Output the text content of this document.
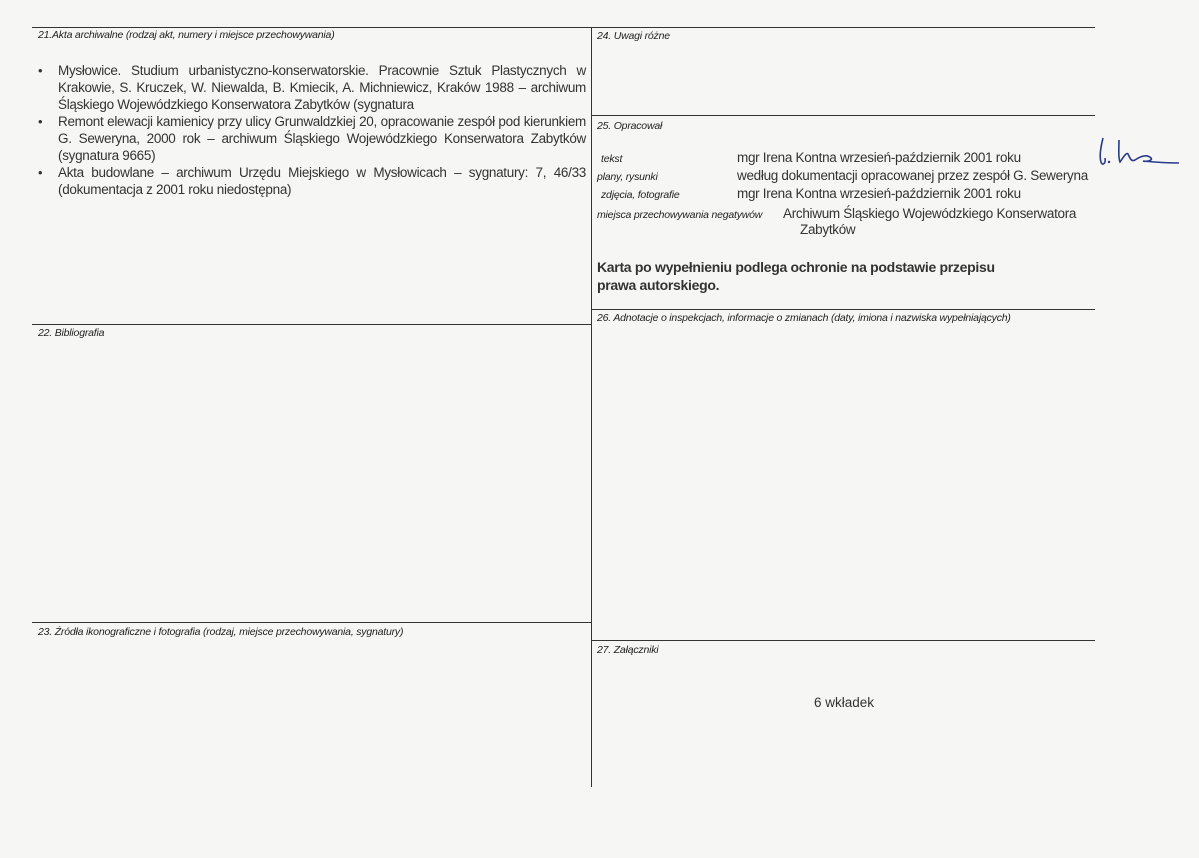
21.Akta archiwalne (rodzaj akt, numery i miejsce przechowywania)
• Mysłowice. Studium urbanistyczno-konserwatorskie. Pracownie Sztuk Plastycznych w Krakowie, S. Kruczek, W. Niewalda, B. Kmiecik, A. Michniewicz, Kraków 1988 – archiwum Śląskiego Wojewódzkiego Konserwatora Zabytków (sygnatura
• Remont elewacji kamienicy przy ulicy Grunwaldzkiej 20, opracowanie zespół pod kierunkiem G. Seweryna, 2000 rok – archiwum Śląskiego Wojewódzkiego Konserwatora Zabytków (sygnatura 9665)
• Akta budowlane – archiwum Urzędu Miejskiego w Mysłowicach – sygnatury: 7, 46/33 (dokumentacja z 2001 roku niedostępna)
22. Bibliografia
23. Źródła ikonograficzne i fotografia (rodzaj, miejsce przechowywania, sygnatury)
24. Uwagi różne
25. Opracował
tekst	mgr Irena Kontna wrzesień-październik 2001 roku
plany, rysunki	według dokumentacji opracowanej przez zespół G. Seweryna
zdjęcia, fotografie	mgr Irena Kontna wrzesień-październik 2001 roku
miejsca przechowywania negatywów Archiwum Śląskiego Wojewódzkiego Konserwatora
Zabytków
Karta po wypełnieniu podlega ochronie na podstawie przepisu prawa autorskiego.
26. Adnotacje o inspekcjach, informacje o zmianach (daty, imiona i nazwiska wypełniających)
27. Załączniki
6 wkładek
